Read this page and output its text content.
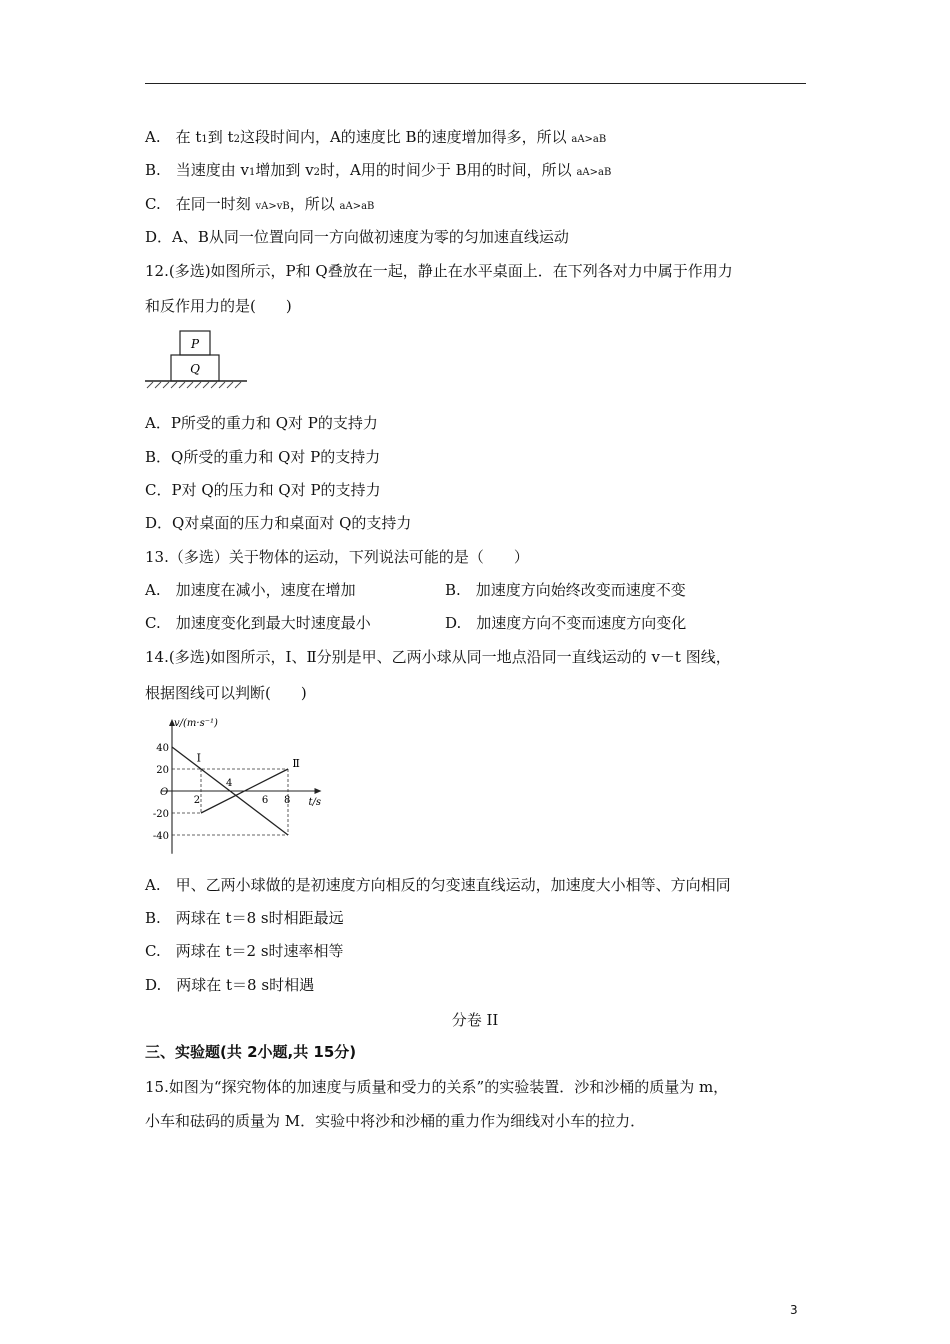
A.　在 t1到 t2这段时间内，A的速度比 B的速度增加得多，所以 aA>aB
B.　当速度由 v1增加到 v2时，A用的时间少于 B用的时间，所以 aA>aB
C.　在同一时刻 vA>vB，所以 aA>aB
D．A、B从同一位置向同一方向做初速度为零的匀加速直线运动
12.(多选)如图所示，P和 Q叠放在一起，静止在水平桌面上．在下列各对力中属于作用力
和反作用力的是(　　)
P
Q
A．P所受的重力和 Q对 P的支持力
B．Q所受的重力和 Q对 P的支持力
C．P对 Q的压力和 Q对 P的支持力
D．Q对桌面的压力和桌面对 Q的支持力
13.（多选）关于物体的运动，下列说法可能的是（　　）
A.　加速度在减小，速度在增加	B.　加速度方向始终改变而速度不变
C.　加速度变化到最大时速度最小	D.　加速度方向不变而速度方向变化
14.(多选)如图所示，Ⅰ、Ⅱ分别是甲、乙两小球从同一地点沿同一直线运动的 v－t 图线，
根据图线可以判断(　　)
v/(m·s⁻¹)
t/s
O
40
20
-20
-40
2
4
6 8
Ⅰ	Ⅱ
A.　甲、乙两小球做的是初速度方向相反的匀变速直线运动，加速度大小相等、方向相同
B.　两球在 t＝8 s时相距最远
C.　两球在 t＝2 s时速率相等
D.　两球在 t＝8 s时相遇
分卷 II
三、实验题(共 2小题,共 15分)
15.如图为“探究物体的加速度与质量和受力的关系”的实验装置．沙和沙桶的质量为 m，
小车和砝码的质量为 M．实验中将沙和沙桶的重力作为细线对小车的拉力．
3
